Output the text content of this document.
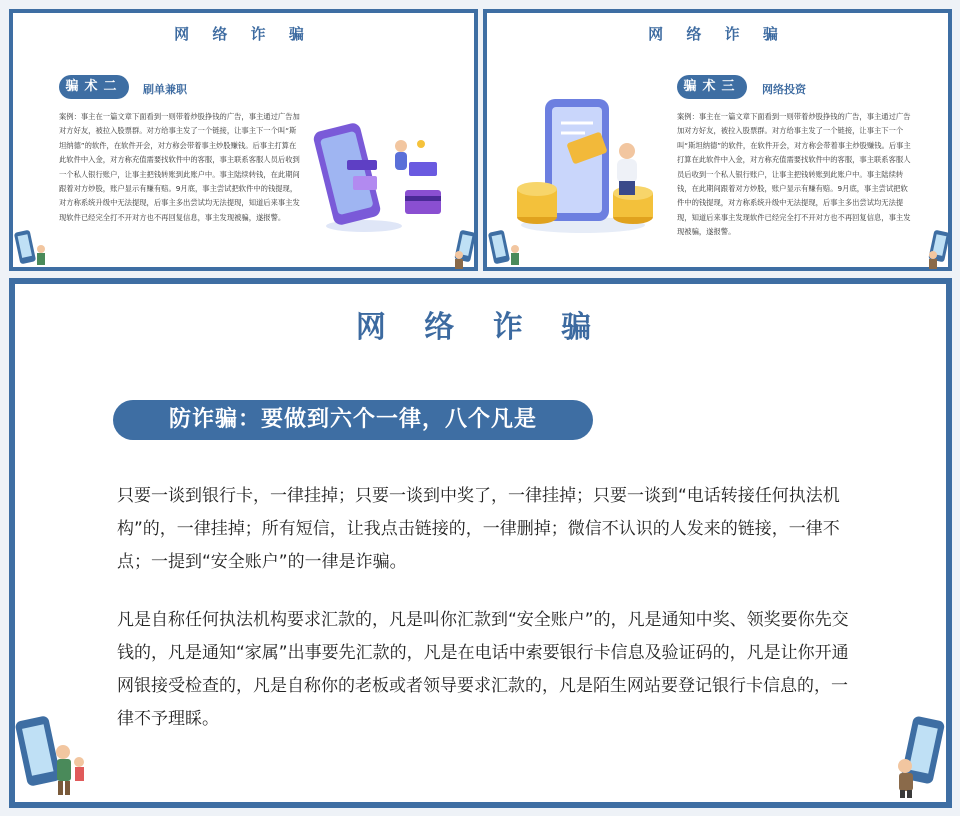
网 络 诈 骗
骗术二	刷单兼职
案例：事主在一篇文章下面看到一则带着炒股挣钱的广告，事主通过广告加对方好友，被拉入股票群。对方给事主发了一个链接，让事主下一个叫“斯坦纳德”的软件，在软件开会，对方称会带着事主炒股赚钱。后事主打算在此软件中入金，对方称充值需要找软件中的客服，事主联系客服人员后收到一个私人银行账户，让事主把钱转账到此账户中。事主陆续转钱，在此期间跟着对方炒股，账户显示有赚有赔。9月底，事主尝试把软件中的钱提现，对方称系统升级中无法提现，后事主多出尝试均无法提现，知道后来事主发现软件已经完全打不开对方也不再回复信息，事主发现被骗，遂报警。
网 络 诈 骗
骗术三	网络投资
案例：事主在一篇文章下面看到一则带着炒股挣钱的广告，事主通过广告加对方好友，被拉入股票群。对方给事主发了一个链接，让事主下一个叫“斯坦纳德”的软件，在软件开会，对方称会带着事主炒股赚钱。后事主打算在此软件中入金，对方称充值需要找软件中的客服，事主联系客服人员后收到一个私人银行账户，让事主把钱转账到此账户中。事主陆续转钱，在此期间跟着对方炒股，账户显示有赚有赔。9月底，事主尝试把软件中的钱提现，对方称系统升级中无法提现，后事主多出尝试均无法提现，知道后来事主发现软件已经完全打不开对方也不再回复信息，事主发现被骗，遂报警。
网 络 诈 骗
防诈骗：要做到六个一律，八个凡是
只要一谈到银行卡，一律挂掉；只要一谈到中奖了，一律挂掉；只要一谈到“电话转接任何执法机构”的，一律挂掉；所有短信，让我点击链接的，一律删掉；微信不认识的人发来的链接，一律不点；一提到“安全账户”的一律是诈骗。
凡是自称任何执法机构要求汇款的，凡是叫你汇款到“安全账户”的，凡是通知中奖、领奖要你先交钱的，凡是通知“家属”出事要先汇款的，凡是在电话中索要银行卡信息及验证码的，凡是让你开通网银接受检查的，凡是自称你的老板或者领导要求汇款的，凡是陌生网站要登记银行卡信息的，一律不予理睬。
